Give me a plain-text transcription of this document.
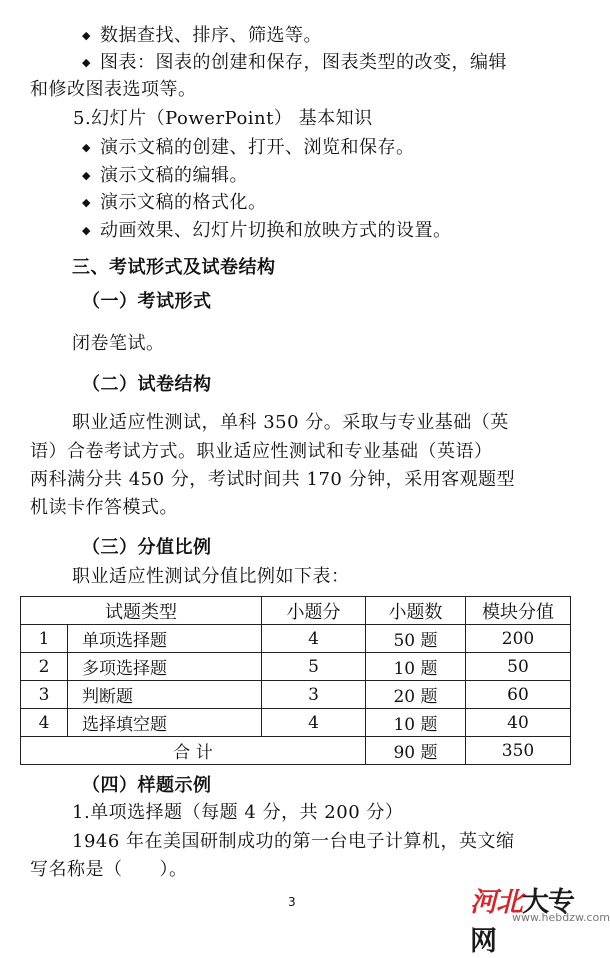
◆ 数据查找、排序、筛选等。
◆ 图表：图表的创建和保存，图表类型的改变，编辑
和修改图表选项等。
5.幻灯片（PowerPoint） 基本知识
◆ 演示文稿的创建、打开、浏览和保存。
◆ 演示文稿的编辑。
◆ 演示文稿的格式化。
◆ 动画效果、幻灯片切换和放映方式的设置。
三、考试形式及试卷结构
（一）考试形式
闭卷笔试。
（二）试卷结构
职业适应性测试，单科 350 分。采取与专业基础（英
语）合卷考试方式。职业适应性测试和专业基础（英语）
两科满分共 450 分，考试时间共 170 分钟，采用客观题型
机读卡作答模式。
（三）分值比例
职业适应性测试分值比例如下表：
试题类型		小题分	小题数	模块分值
1	单项选择题	4	50 题	200
2	多项选择题	5	10 题	50
3	判断题	3	20 题	60
4	选择填空题	4	10 题	40
合 计			90 题	350
（四）样题示例
1.单项选择题（每题 4 分，共 200 分）
1946 年在美国研制成功的第一台电子计算机，英文缩
写名称是（　　）。
3	河北大专网
www.hebdzw.com
